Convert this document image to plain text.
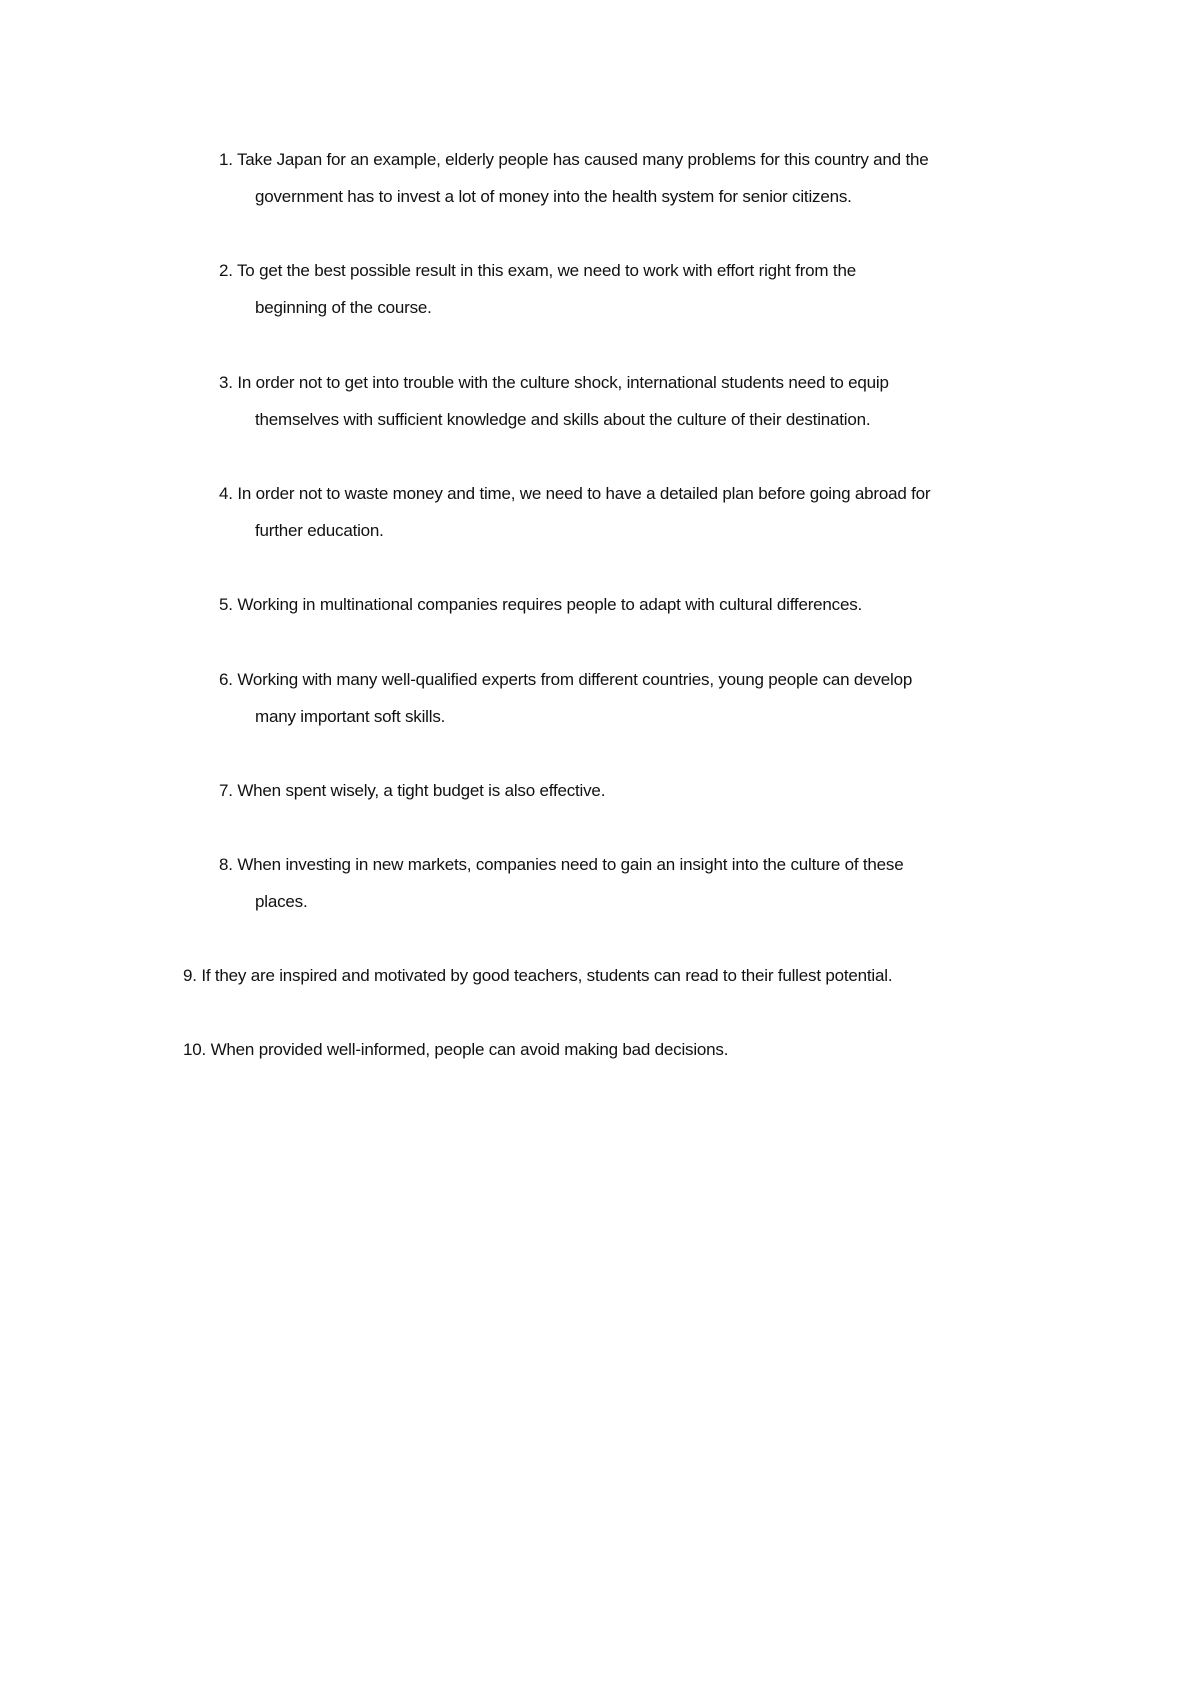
1. Take Japan for an example, elderly people has caused many problems for this country and the
government has to invest a lot of money into the health system for senior citizens.
2. To get the best possible result in this exam, we need to work with effort right from the
beginning of the course.
3. In order not to get into trouble with the culture shock, international students need to equip
themselves with sufficient knowledge and skills about the culture of their destination.
4. In order not to waste money and time, we need to have a detailed plan before going abroad for
further education.
5. Working in multinational companies requires people to adapt with cultural differences.
6. Working with many well-qualified experts from different countries, young people can develop
many important soft skills.
7. When spent wisely, a tight budget is also effective.
8. When investing in new markets, companies need to gain an insight into the culture of these
places.
9. If they are inspired and motivated by good teachers, students can read to their fullest potential.
10. When provided well-informed, people can avoid making bad decisions.
